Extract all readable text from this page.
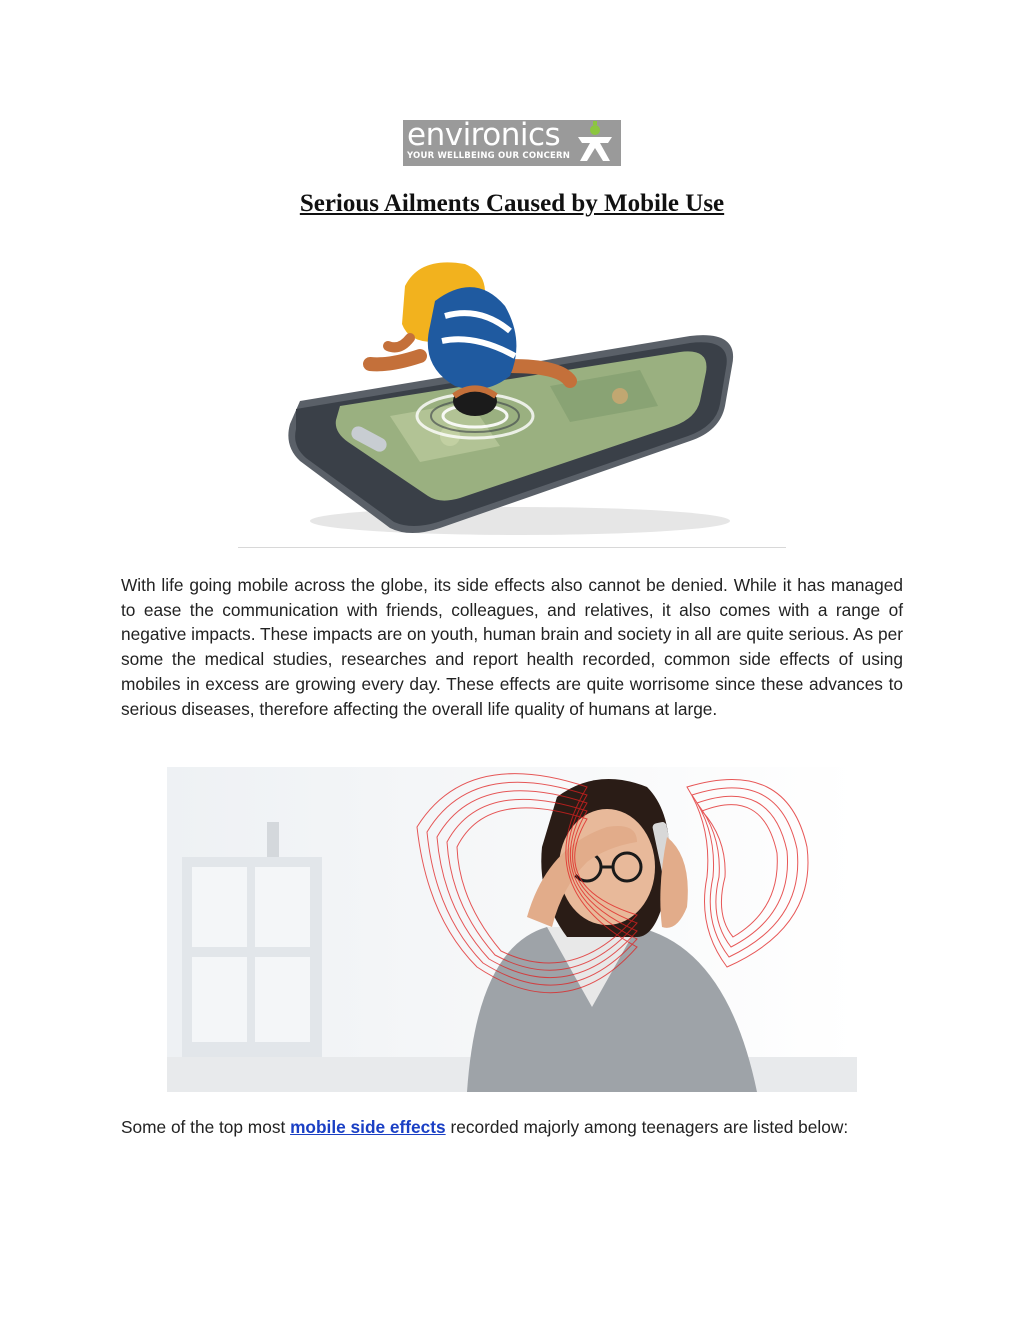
environics
YOUR WELLBEING OUR CONCERN
Serious Ailments Caused by Mobile Use

With life going mobile across the globe, its side effects also cannot be denied. While it has managed to ease the communication with friends, colleagues, and relatives, it also comes with a range of negative impacts. These impacts are on youth, human brain and society in all are quite serious. As per some the medical studies, researches and report health recorded, common side effects of using mobiles in excess are growing every day. These effects are quite worrisome since these advances to serious diseases, therefore affecting the overall life quality of humans at large.

Some of the top most mobile side effects recorded majorly among teenagers are listed below:
